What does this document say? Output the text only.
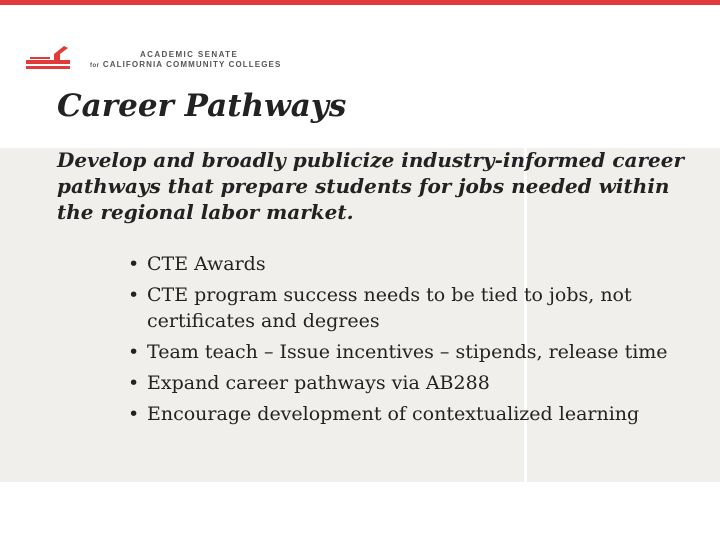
ACADEMIC SENATE
for CALIFORNIA COMMUNITY COLLEGES
Career Pathways

Develop and broadly publicize industry-informed career pathways that prepare students for jobs needed within the regional labor market.

• CTE Awards
• CTE program success needs to be tied to jobs, not certificates and degrees
• Team teach – Issue incentives – stipends, release time
• Expand career pathways via AB288
• Encourage development of contextualized learning
